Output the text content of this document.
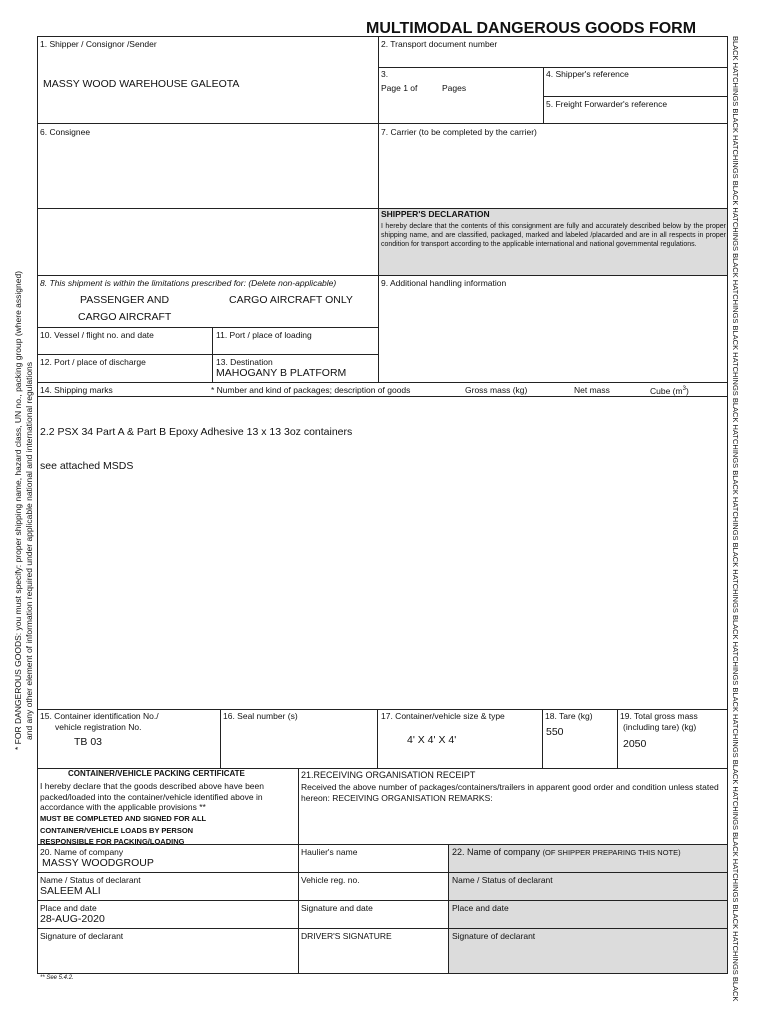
MULTIMODAL DANGEROUS GOODS FORM
BLACK HATCHINGS BLACK HATCHINGS BLACK HATCHINGS BLACK HATCHINGS BLACK HATCHINGS BLACK HATCHINGS BLACK HATCHINGS BLACK HATCHINGS BLACK HATCHINGS BLACK HATCHINGS BLACK HATCHINGS BLACK HATCHINGS BLACK HATCHINGS BLACK
* FOR DANGEROUS GOODS: you must specify: proper shipping name, hazard class, UN no., packing group (where assigned) and any other element of information required under applicable national and international regulations
1. Shipper / Consignor /Sender
MASSY WOOD WAREHOUSE GALEOTA
2. Transport document number
3.
Page 1 of	Pages
4. Shipper's reference
5. Freight Forwarder's reference
6. Consignee	7. Carrier (to be completed by the carrier)
SHIPPER'S DECLARATION
I hereby declare that the contents of this consignment are fully and accurately described below by the proper shipping name, and are classified, packaged, marked and labeled /placarded and are in all respects in proper condition for transport according to the applicable international and national governmental regulations.
8. This shipment is within the limitations prescribed for: (Delete non-applicable)
PASSENGER AND
CARGO AIRCRAFT
CARGO AIRCRAFT ONLY
9. Additional handling information
10. Vessel / flight no. and date	11. Port / place of loading
12. Port / place of discharge	13. Destination
MAHOGANY B PLATFORM
14. Shipping marks	* Number and kind of packages; description of goods	Gross mass (kg)	Net mass	Cube $(m^3)$
2.2 PSX 34 Part A & Part B Epoxy Adhesive 13 x 13 3oz containers
see attached MSDS
15. Container identification No./
vehicle registration No.
TB 03
16. Seal number (s)	17. Container/vehicle size & type
4' X 4' X 4'
18. Tare (kg)
550
19. Total gross mass
(including tare) (kg)
2050
CONTAINER/VEHICLE PACKING CERTIFICATE
I hereby declare that the goods described above have been packed/loaded into the container/vehicle identified above in accordance with the applicable provisions **
MUST BE COMPLETED AND SIGNED FOR ALL CONTAINER/VEHICLE LOADS BY PERSON RESPONSIBLE FOR PACKING/LOADING
21.RECEIVING ORGANISATION RECEIPT
Received the above number of packages/containers/trailers in apparent good order and condition unless stated hereon: RECEIVING ORGANISATION REMARKS:
20. Name of company
MASSY WOODGROUP
Haulier's name	22. Name of company (OF SHIPPER PREPARING THIS NOTE)
Name / Status of declarant
SALEEM ALI
Vehicle reg. no.	Name / Status of declarant
Place and date
28-AUG-2020
Signature and date	Place and date
Signature of declarant	DRIVER'S SIGNATURE	Signature of declarant
** See 5.4.2.
